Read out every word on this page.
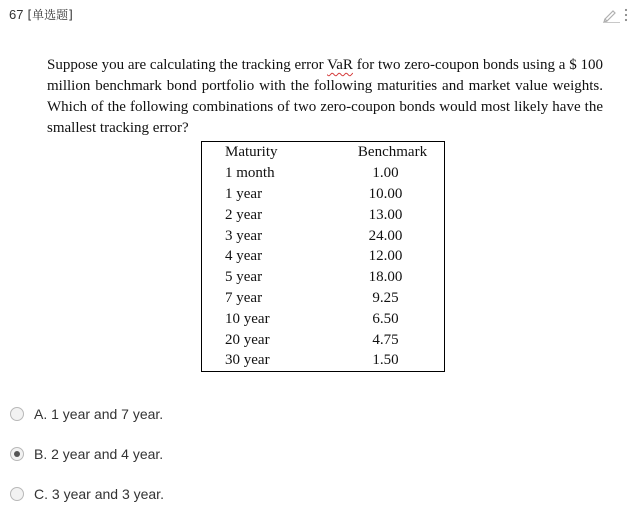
67 [单选题]
Suppose you are calculating the tracking error VaR for two zero-coupon bonds using a $ 100 million benchmark bond portfolio with the following maturities and market value weights. Which of the following combinations of two zero-coupon bonds would most likely have the smallest tracking error?
Maturity	Benchmark
1 month	1.00
1 year	10.00
2 year	13.00
3 year	24.00
4 year	12.00
5 year	18.00
7 year	9.25
10 year	6.50
20 year	4.75
30 year	1.50
A. 1 year and 7 year.
B. 2 year and 4 year.
C. 3 year and 3 year.
